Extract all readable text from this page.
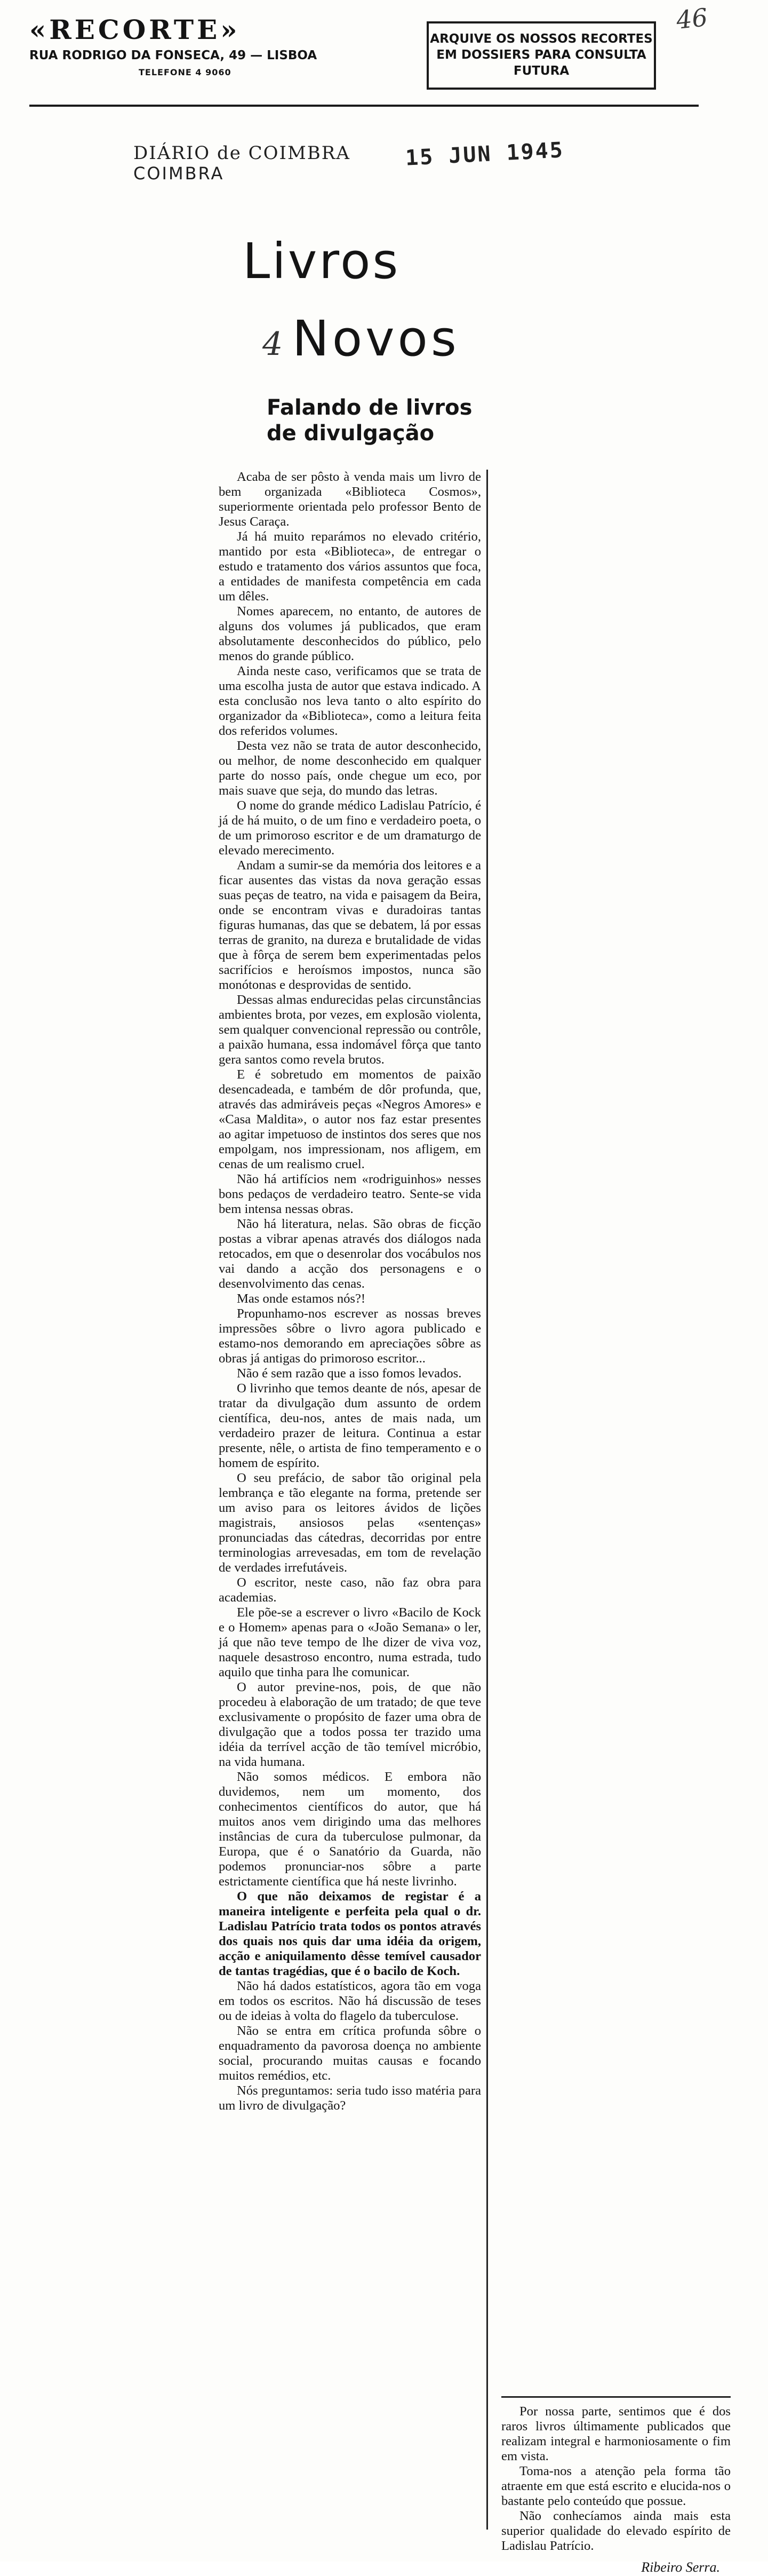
«RECORTE»
RUA RODRIGO DA FONSECA, 49 — LISBOA
TELEFONE 4 9060
ARQUIVE OS NOSSOS RECORTES
EM DOSSIERS PARA CONSULTA
FUTURA
46
DIÁRIO de COIMBRA
COIMBRA
15 JUN 1945
Livros
4 Novos
Falando de livros
de divulgação

Acaba de ser pôsto à venda mais um livro de bem organizada «Biblioteca Cosmos», superiormente orientada pelo professor Bento de Jesus Caraça.

Já há muito reparámos no elevado critério, mantido por esta «Biblioteca», de entregar o estudo e tratamento dos vários assuntos que foca, a entidades de manifesta competência em cada um dêles.

Nomes aparecem, no entanto, de autores de alguns dos volumes já publicados, que eram absolutamente desconhecidos do público, pelo menos do grande público.

Ainda neste caso, verificamos que se trata de uma escolha justa de autor que estava indicado. A esta conclusão nos leva tanto o alto espírito do organizador da «Biblioteca», como a leitura feita dos referidos volumes.

Desta vez não se trata de autor desconhecido, ou melhor, de nome desconhecido em qualquer parte do nosso país, onde chegue um eco, por mais suave que seja, do mundo das letras.

O nome do grande médico Ladislau Patrício, é já de há muito, o de um fino e verdadeiro poeta, o de um primoroso escritor e de um dramaturgo de elevado merecimento.

Andam a sumir-se da memória dos leitores e a ficar ausentes das vistas da nova geração essas suas peças de teatro, na vida e paisagem da Beira, onde se encontram vivas e duradoiras tantas figuras humanas, das que se debatem, lá por essas terras de granito, na dureza e brutalidade de vidas que à fôrça de serem bem experimentadas pelos sacrifícios e heroísmos impostos, nunca são monótonas e desprovidas de sentido.

Dessas almas endurecidas pelas circunstâncias ambientes brota, por vezes, em explosão violenta, sem qualquer convencional repressão ou contrôle, a paixão humana, essa indomável fôrça que tanto gera santos como revela brutos.

E é sobretudo em momentos de paixão desencadeada, e também de dôr profunda, que, através das admiráveis peças «Negros Amores» e «Casa Maldita», o autor nos faz estar presentes ao agitar impetuoso de instintos dos seres que nos empolgam, nos impressionam, nos afligem, em cenas de um realismo cruel.

Não há artifícios nem «rodriguinhos» nesses bons pedaços de verdadeiro teatro. Sente-se vida bem intensa nessas obras.

Não há literatura, nelas. São obras de ficção postas a vibrar apenas através dos diálogos nada retocados, em que o desenrolar dos vocábulos nos vai dando a acção dos personagens e o desenvolvimento das cenas.

Mas onde estamos nós?!

Propunhamo-nos escrever as nossas breves impressões sôbre o livro agora publicado e estamo-nos demorando em apreciações sôbre as obras já antigas do primoroso escritor...

Não é sem razão que a isso fomos levados.

O livrinho que temos deante de nós, apesar de tratar da divulgação dum assunto de ordem científica, deu-nos, antes de mais nada, um verdadeiro prazer de leitura. Continua a estar presente, nêle, o artista de fino temperamento e o homem de espírito.

O seu prefácio, de sabor tão original pela lembrança e tão elegante na forma, pretende ser um aviso para os leitores ávidos de lições magistrais, ansiosos pelas «sentenças» pronunciadas das cátedras, decorridas por entre terminologias arrevesadas, em tom de revelação de verdades irrefutáveis.

O escritor, neste caso, não faz obra para academias.

Ele põe-se a escrever o livro «Bacilo de Kock e o Homem» apenas para o «João Semana» o ler, já que não teve tempo de lhe dizer de viva voz, naquele desastroso encontro, numa estrada, tudo aquilo que tinha para lhe comunicar.

O autor previne-nos, pois, de que não procedeu à elaboração de um tratado; de que teve exclusivamente o propósito de fazer uma obra de divulgação que a todos possa ter trazido uma idéia da terrível acção de tão temível micróbio, na vida humana.

Não somos médicos. E embora não duvidemos, nem um momento, dos conhecimentos científicos do autor, que há muitos anos vem dirigindo uma das melhores instâncias de cura da tuberculose pulmonar, da Europa, que é o Sanatório da Guarda, não podemos pronunciar-nos sôbre a parte estrictamente científica que há neste livrinho.

O que não deixamos de registar é a maneira inteligente e perfeita pela qual o dr. Ladislau Patrício trata todos os pontos através dos quais nos quis dar uma idéia da origem, acção e aniquilamento dêsse temível causador de tantas tragédias, que é o bacilo de Koch.

Não há dados estatísticos, agora tão em voga em todos os escritos. Não há discussão de teses ou de ideias à volta do flagelo da tuberculose.

Não se entra em crítica profunda sôbre o enquadramento da pavorosa doença no ambiente social, procurando muitas causas e focando muitos remédios, etc.

Nós preguntamos: seria tudo isso matéria para um livro de divulgação?

Por nossa parte, sentimos que é dos raros livros últimamente publicados que realizam integral e harmoniosamente o fim em vista.

Toma-nos a atenção pela forma tão atraente em que está escrito e elucida-nos o bastante pelo conteúdo que possue.

Não conhecíamos ainda mais esta superior qualidade do elevado espírito de Ladislau Patrício.

Ribeiro Serra.
